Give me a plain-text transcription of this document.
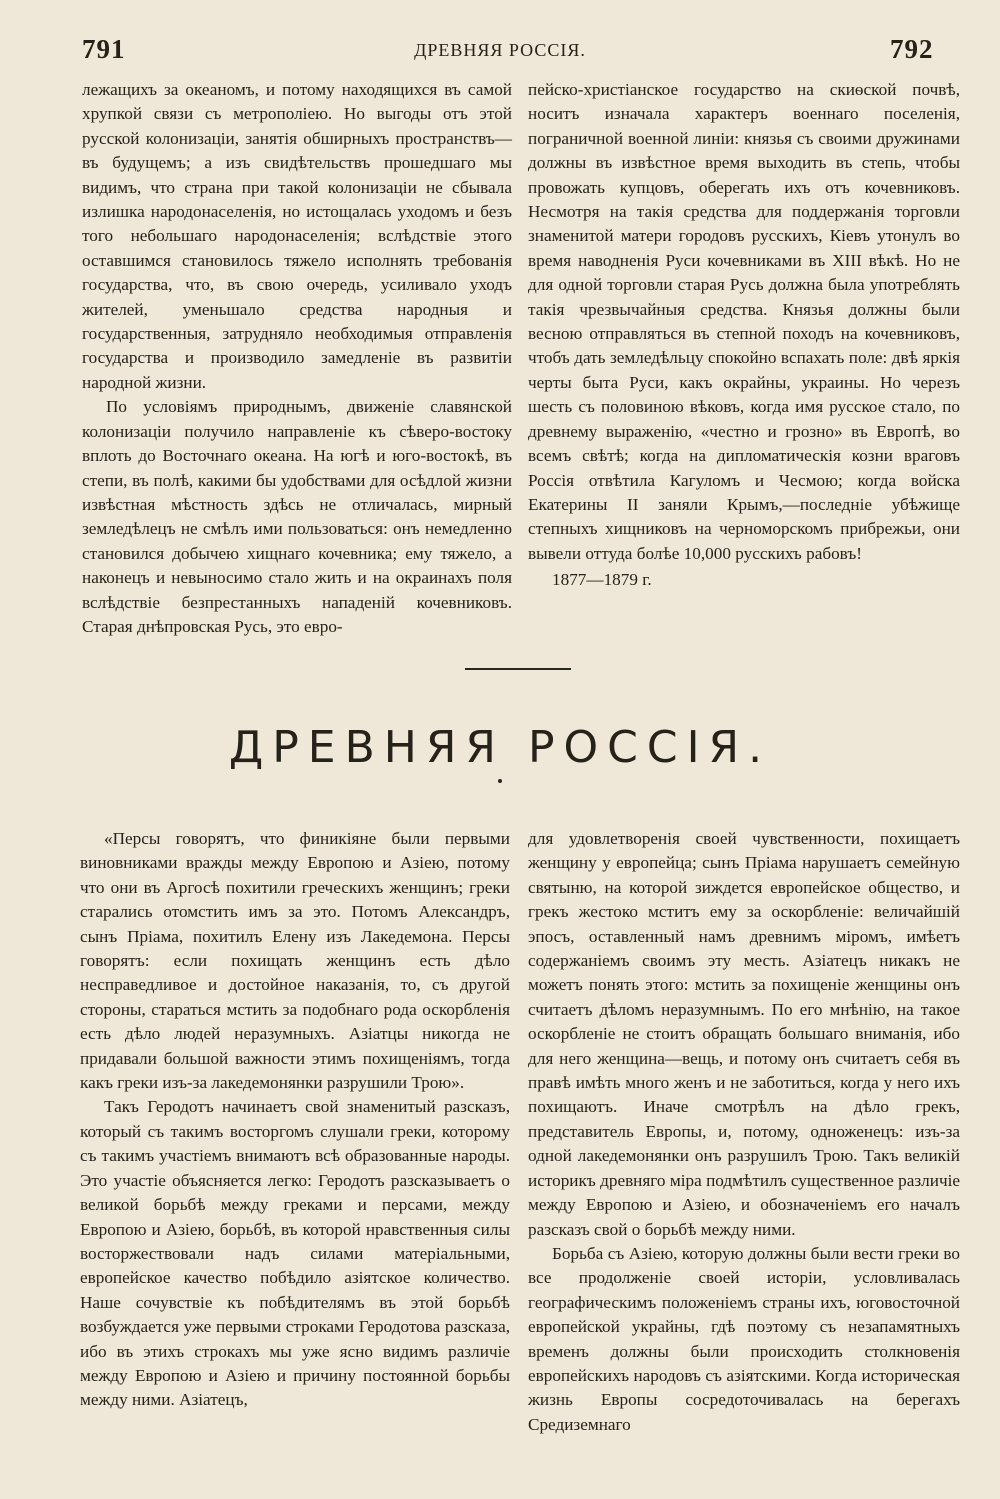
791	ДРЕВНЯЯ РОССІЯ.	792

лежащихъ за океаномъ, и потому находящихся въ самой хрупкой связи съ метрополіею. Но выгоды отъ этой русской колонизаціи, занятія обширныхъ пространствъ—въ будущемъ; а изъ свидѣтельствъ прошедшаго мы видимъ, что страна при такой колонизаціи не сбывала излишка народонаселенія, но истощалась уходомъ и безъ того небольшаго народонаселенія; вслѣдствіе этого оставшимся становилось тяжело исполнять требованія государства, что, въ свою очередь, усиливало уходъ жителей, уменьшало средства народныя и государственныя, затрудняло необходимыя отправленія государства и производило замедленіе въ развитіи народной жизни.

По условіямъ природнымъ, движеніе славянской колонизаціи получило направленіе къ сѣверо-востоку вплоть до Восточнаго океана. На югѣ и юго-востокѣ, въ степи, въ полѣ, какими бы удобствами для осѣдлой жизни извѣстная мѣстность здѣсь не отличалась, мирный земледѣлецъ не смѣлъ ими пользоваться: онъ немедленно становился добычею хищнаго кочевника; ему тяжело, а наконецъ и невыносимо стало жить и на окраинахъ поля вслѣдствіе безпрестанныхъ нападеній кочевниковъ. Старая днѣпровская Русь, это евро-

пейско-христіанское государство на скиѳской почвѣ, носитъ изначала характеръ военнаго поселенія, пограничной военной линіи: князья съ своими дружинами должны въ извѣстное время выходить въ степь, чтобы провожать купцовъ, оберегать ихъ отъ кочевниковъ. Несмотря на такія средства для поддержанія торговли знаменитой матери городовъ русскихъ, Кіевъ утонулъ во время наводненія Руси кочевниками въ XIII вѣкѣ. Но не для одной торговли старая Русь должна была употреблять такія чрезвычайныя средства. Князья должны были весною отправляться въ степной походъ на кочевниковъ, чтобъ дать земледѣльцу спокойно вспахать поле: двѣ яркія черты быта Руси, какъ окрайны, украины. Но черезъ шесть съ половиною вѣковъ, когда имя русское стало, по древнему выраженію, «честно и грозно» въ Европѣ, во всемъ свѣтѣ; когда на дипломатическія козни враговъ Россія отвѣтила Кагуломъ и Чесмою; когда войска Екатерины II заняли Крымъ,—последніе убѣжище степныхъ хищниковъ на черноморскомъ прибрежьи, они вывели оттуда болѣе 10,000 русскихъ рабовъ!

1877—1879 г.

ДРЕВНЯЯ РОССІЯ.

«Персы говорятъ, что финикіяне были первыми виновниками вражды между Европою и Азіею, потому что они въ Аргосѣ похитили греческихъ женщинъ; греки старались отомстить имъ за это. Потомъ Александръ, сынъ Пріама, похитилъ Елену изъ Лакедемона. Персы говорятъ: если похищать женщинъ есть дѣло несправедливое и достойное наказанія, то, съ другой стороны, стараться мстить за подобнаго рода оскорбленія есть дѣло людей неразумныхъ. Азіатцы никогда не придавали большой важности этимъ похищеніямъ, тогда какъ греки изъ-за лакедемонянки разрушили Трою».

Такъ Геродотъ начинаетъ свой знаменитый разсказъ, который съ такимъ восторгомъ слушали греки, которому съ такимъ участіемъ внимаютъ всѣ образованные народы. Это участіе объясняется легко: Геродотъ разсказываетъ о великой борьбѣ между греками и персами, между Европою и Азіею, борьбѣ, въ которой нравственныя силы восторжествовали надъ силами матеріальными, европейское качество побѣдило азіятское количество. Наше сочувствіе къ побѣдителямъ въ этой борьбѣ возбуждается уже первыми строками Геродотова разсказа, ибо въ этихъ строкахъ мы уже ясно видимъ различіе между Европою и Азіею и причину постоянной борьбы между ними. Азіатецъ,

для удовлетворенія своей чувственности, похищаетъ женщину у европейца; сынъ Пріама нарушаетъ семейную святыню, на которой зиждется европейское общество, и грекъ жестоко мститъ ему за оскорбленіе: величайшій эпосъ, оставленный намъ древнимъ міромъ, имѣетъ содержаніемъ своимъ эту месть. Азіатецъ никакъ не можетъ понять этого: мстить за похищеніе женщины онъ считаетъ дѣломъ неразумнымъ. По его мнѣнію, на такое оскорбленіе не стоитъ обращать большаго вниманія, ибо для него женщина—вещь, и потому онъ считаетъ себя въ правѣ имѣть много женъ и не заботиться, когда у него ихъ похищаютъ. Иначе смотрѣлъ на дѣло грекъ, представитель Европы, и, потому, одноженецъ: изъ-за одной лакедемонянки онъ разрушилъ Трою. Такъ великій историкъ древняго міра подмѣтилъ существенное различіе между Европою и Азіею, и обозначеніемъ его началъ разсказъ свой о борьбѣ между ними.

Борьба съ Азіею, которую должны были вести греки во все продолженіе своей исторіи, условливалась географическимъ положеніемъ страны ихъ, юговосточной европейской украйны, гдѣ поэтому съ незапамятныхъ временъ должны были происходить столкновенія европейскихъ народовъ съ азіятскими. Когда историческая жизнь Европы сосредоточивалась на берегахъ Средиземнаго
